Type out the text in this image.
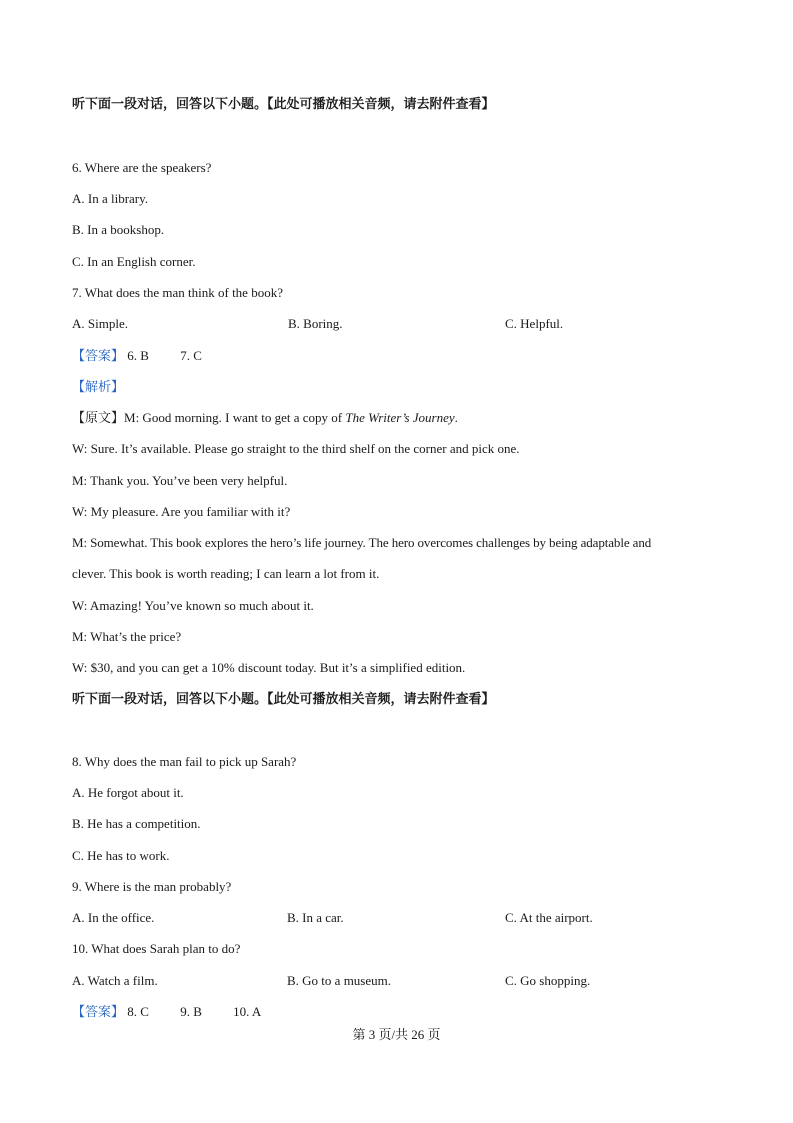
听下面一段对话，回答以下小题。【此处可播放相关音频，请去附件查看】
6. Where are the speakers?
A. In a library.
B. In a bookshop.
C. In an English corner.
7. What does the man think of the book?
A. Simple.	B. Boring.	C. Helpful.
【答案】 6. B 7. C
【解析】
【原文】M: Good morning. I want to get a copy of The Writer’s Journey.
W: Sure. It’s available. Please go straight to the third shelf on the corner and pick one.
M: Thank you. You’ve been very helpful.
W: My pleasure. Are you familiar with it?
M: Somewhat. This book explores the hero’s life journey. The hero overcomes challenges by being adaptable and
clever. This book is worth reading; I can learn a lot from it.
W: Amazing! You’ve known so much about it.
M: What’s the price?
W: $30, and you can get a 10% discount today. But it’s a simplified edition.
听下面一段对话，回答以下小题。【此处可播放相关音频，请去附件查看】
8. Why does the man fail to pick up Sarah?
A. He forgot about it.
B. He has a competition.
C. He has to work.
9. Where is the man probably?
A. In the office.	B. In a car.	C. At the airport.
10. What does Sarah plan to do?
A. Watch a film.	B. Go to a museum.	C. Go shopping.
【答案】 8. C 9. B 10. A
第 3 页/共 26 页
